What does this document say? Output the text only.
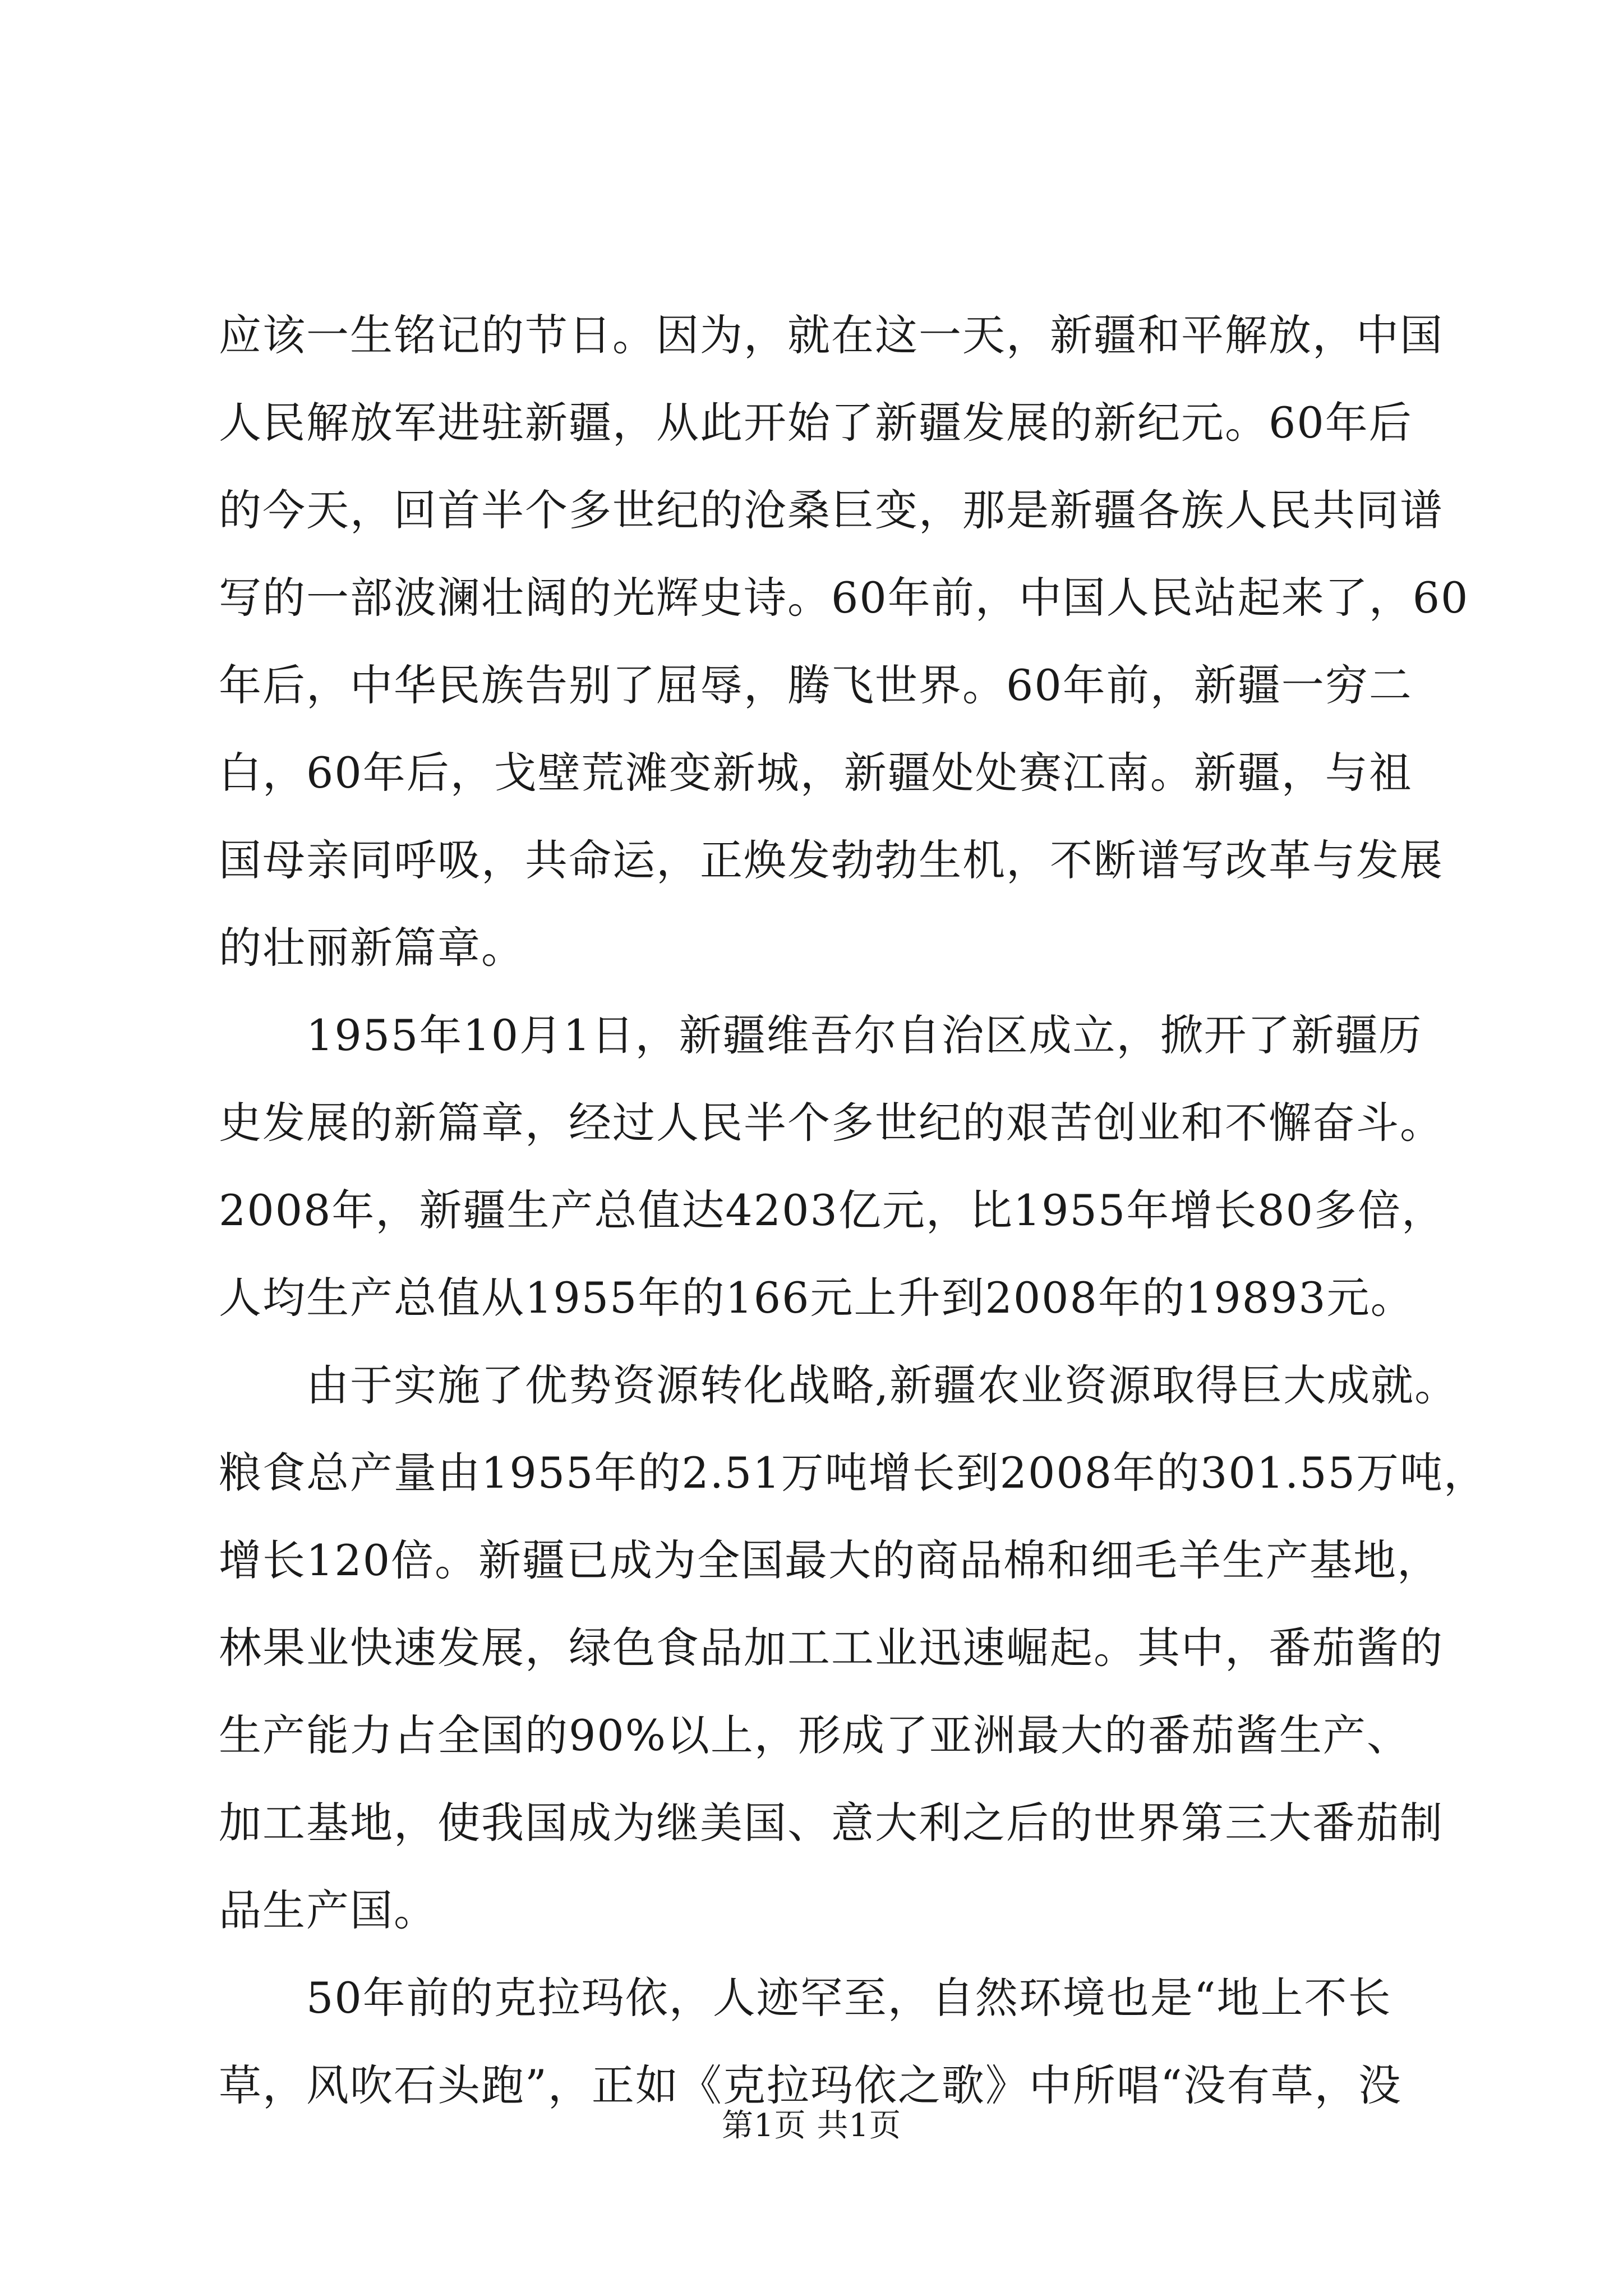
应该一生铭记的节日。因为，就在这一天，新疆和平解放，中国
人民解放军进驻新疆，从此开始了新疆发展的新纪元。60年后
的今天，回首半个多世纪的沧桑巨变，那是新疆各族人民共同谱
写的一部波澜壮阔的光辉史诗。60年前，中国人民站起来了，60
年后，中华民族告别了屈辱，腾飞世界。60年前，新疆一穷二
白，60年后，戈壁荒滩变新城，新疆处处赛江南。新疆，与祖
国母亲同呼吸，共命运，正焕发勃勃生机，不断谱写改革与发展
的壮丽新篇章。
　　1955年10月1日，新疆维吾尔自治区成立，掀开了新疆历
史发展的新篇章，经过人民半个多世纪的艰苦创业和不懈奋斗。
2008年，新疆生产总值达4203亿元，比1955年增长80多倍，
人均生产总值从1955年的166元上升到2008年的19893元。
　　由于实施了优势资源转化战略,新疆农业资源取得巨大成就。
粮食总产量由1955年的2.51万吨增长到2008年的301.55万吨，
增长120倍。新疆已成为全国最大的商品棉和细毛羊生产基地，
林果业快速发展，绿色食品加工工业迅速崛起。其中，番茄酱的
生产能力占全国的90%以上，形成了亚洲最大的番茄酱生产、
加工基地，使我国成为继美国、意大利之后的世界第三大番茄制
品生产国。
　　50年前的克拉玛依，人迹罕至，自然环境也是“地上不长
草，风吹石头跑”，正如《克拉玛依之歌》中所唱“没有草，没
第1页 共1页
